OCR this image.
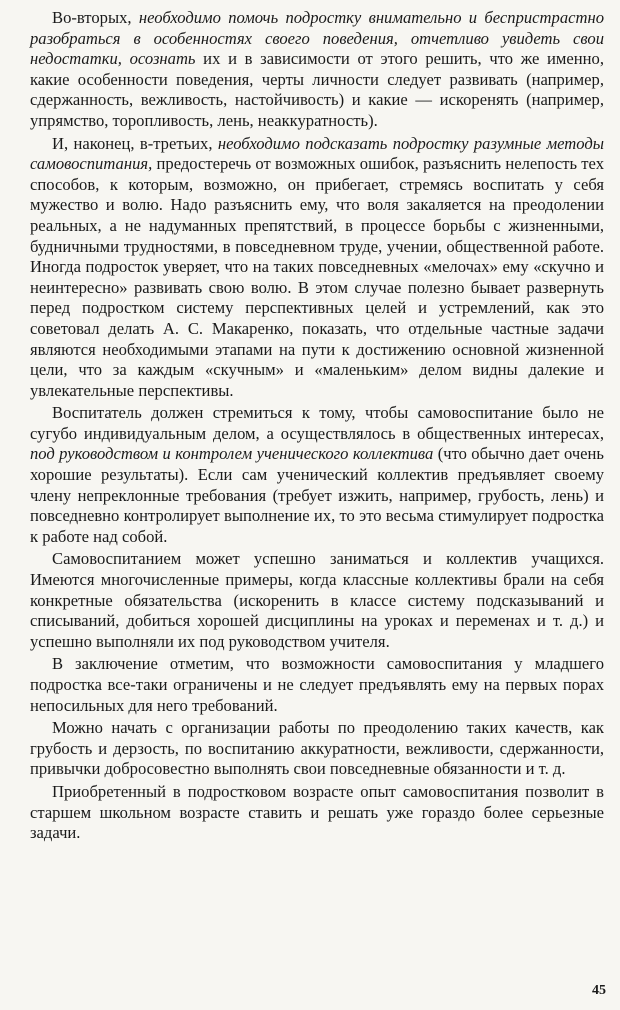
Во-вторых, необходимо помочь подростку внимательно и беспристрастно разобраться в особенностях своего поведения, отчетливо увидеть свои недостатки, осознать их и в зависимости от этого решить, что же именно, какие особенности поведения, черты личности следует развивать (например, сдержанность, вежливость, настойчивость) и какие — искоренять (например, упрямство, торопливость, лень, неаккуратность).

И, наконец, в-третьих, необходимо подсказать подростку разумные методы самовоспитания, предостеречь от возможных ошибок, разъяснить нелепость тех способов, к которым, возможно, он прибегает, стремясь воспитать у себя мужество и волю. Надо разъяснить ему, что воля закаляется на преодолении реальных, а не надуманных препятствий, в процессе борьбы с жизненными, будничными трудностями, в повседневном труде, учении, общественной работе. Иногда подросток уверяет, что на таких повседневных «мелочах» ему «скучно и неинтересно» развивать свою волю. В этом случае полезно бывает развернуть перед подростком систему перспективных целей и устремлений, как это советовал делать А. С. Макаренко, показать, что отдельные частные задачи являются необходимыми этапами на пути к достижению основной жизненной цели, что за каждым «скучным» и «маленьким» делом видны далекие и увлекательные перспективы.

Воспитатель должен стремиться к тому, чтобы самовоспитание было не сугубо индивидуальным делом, а осуществлялось в общественных интересах, под руководством и контролем ученического коллектива (что обычно дает очень хорошие результаты). Если сам ученический коллектив предъявляет своему члену непреклонные требования (требует изжить, например, грубость, лень) и повседневно контролирует выполнение их, то это весьма стимулирует подростка к работе над собой.

Самовоспитанием может успешно заниматься и коллектив учащихся. Имеются многочисленные примеры, когда классные коллективы брали на себя конкретные обязательства (искоренить в классе систему подсказываний и списываний, добиться хорошей дисциплины на уроках и переменах и т. д.) и успешно выполняли их под руководством учителя.

В заключение отметим, что возможности самовоспитания у младшего подростка все-таки ограничены и не следует предъявлять ему на первых порах непосильных для него требований.

Можно начать с организации работы по преодолению таких качеств, как грубость и дерзость, по воспитанию аккуратности, вежливости, сдержанности, привычки добросовестно выполнять свои повседневные обязанности и т. д.

Приобретенный в подростковом возрасте опыт самовоспитания позволит в старшем школьном возрасте ставить и решать уже гораздо более серьезные задачи.

45
